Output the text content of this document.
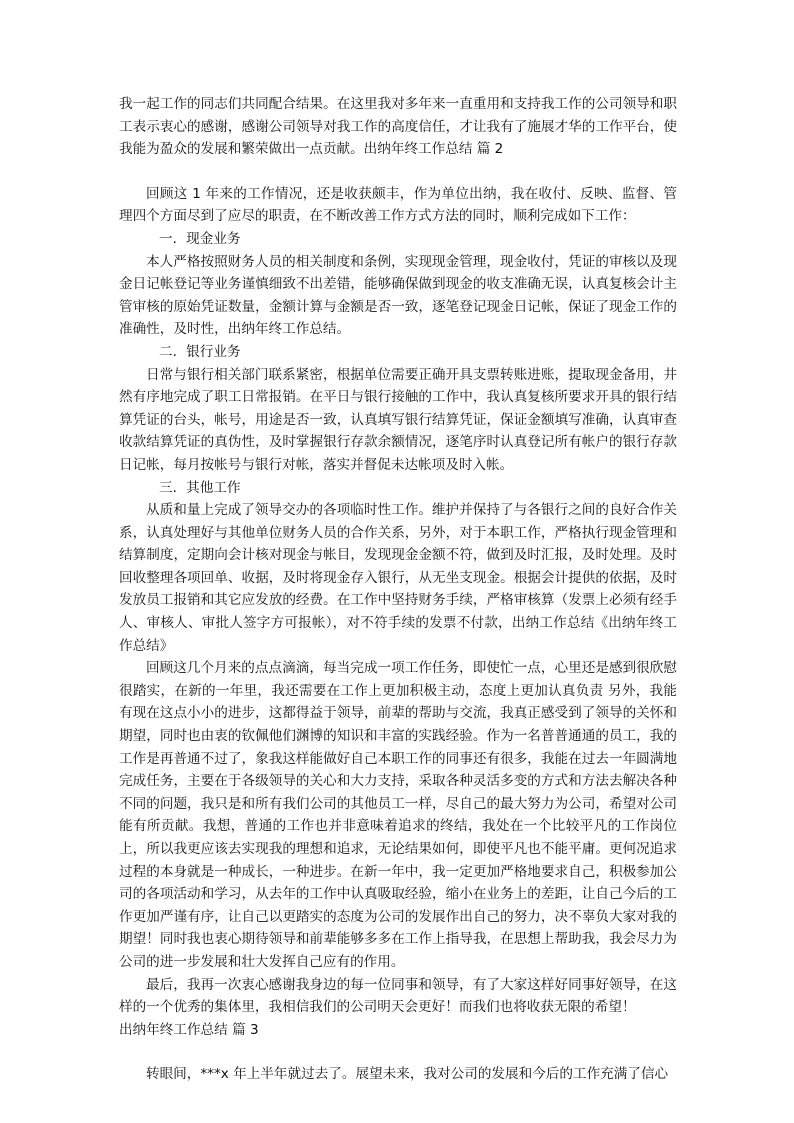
我一起工作的同志们共同配合结果。在这里我对多年来一直重用和支持我工作的公司领导和职工表示衷心的感谢，感谢公司领导对我工作的高度信任，才让我有了施展才华的工作平台，使我能为盈众的发展和繁荣做出一点贡献。出纳年终工作总结 篇 2

回顾这 1 年来的工作情况，还是收获颇丰，作为单位出纳，我在收付、反映、监督、管理四个方面尽到了应尽的职责，在不断改善工作方式方法的同时，顺利完成如下工作：

一．现金业务

本人严格按照财务人员的相关制度和条例，实现现金管理，现金收付，凭证的审核以及现金日记帐登记等业务谨慎细致不出差错，能够确保做到现金的收支准确无误，认真复核会计主管审核的原始凭证数量，金额计算与金额是否一致，逐笔登记现金日记帐，保证了现金工作的准确性，及时性，出纳年终工作总结。

二．银行业务

日常与银行相关部门联系紧密，根据单位需要正确开具支票转账进账，提取现金备用，井然有序地完成了职工日常报销。在平日与银行接触的工作中，我认真复核所要求开具的银行结算凭证的台头，帐号，用途是否一致，认真填写银行结算凭证，保证金额填写准确，认真审查收款结算凭证的真伪性，及时掌握银行存款余额情况，逐笔序时认真登记所有帐户的银行存款日记帐，每月按帐号与银行对帐，落实并督促未达帐项及时入帐。

三．其他工作

从质和量上完成了领导交办的各项临时性工作。维护并保持了与各银行之间的良好合作关系，认真处理好与其他单位财务人员的合作关系，另外，对于本职工作，严格执行现金管理和结算制度，定期向会计核对现金与帐目，发现现金金额不符，做到及时汇报，及时处理。及时回收整理各项回单、收据，及时将现金存入银行，从无坐支现金。根据会计提供的依据，及时发放员工报销和其它应发放的经费。在工作中坚持财务手续，严格审核算（发票上必须有经手人、审核人、审批人签字方可报帐），对不符手续的发票不付款，出纳工作总结《出纳年终工作总结》

回顾这几个月来的点点滴滴，每当完成一项工作任务，即使忙一点，心里还是感到很欣慰很踏实，在新的一年里，我还需要在工作上更加积极主动，态度上更加认真负责 另外，我能有现在这点小小的进步，这都得益于领导，前辈的帮助与交流，我真正感受到了领导的关怀和期望，同时也由衷的钦佩他们渊博的知识和丰富的实践经验。作为一名普普通通的员工，我的工作是再普通不过了，象我这样能做好自己本职工作的同事还有很多，我能在过去一年圆满地完成任务，主要在于各级领导的关心和大力支持，采取各种灵活多变的方式和方法去解决各种不同的问题，我只是和所有我们公司的其他员工一样，尽自己的最大努力为公司，希望对公司能有所贡献。我想，普通的工作也并非意味着追求的终结，我处在一个比较平凡的工作岗位上，所以我更应该去实现我的理想和追求，无论结果如何，即使平凡也不能平庸。更何况追求过程的本身就是一种成长，一种进步。在新一年中，我一定更加严格地要求自己，积极参加公司的各项活动和学习，从去年的工作中认真吸取经验，缩小在业务上的差距，让自己今后的工作更加严谨有序，让自己以更踏实的态度为公司的发展作出自己的努力，决不辜负大家对我的期望！同时我也衷心期待领导和前辈能够多多在工作上指导我，在思想上帮助我，我会尽力为公司的进一步发展和壮大发挥自己应有的作用。

最后，我再一次衷心感谢我身边的每一位同事和领导，有了大家这样好同事好领导，在这样的一个优秀的集体里，我相信我们的公司明天会更好！而我们也将收获无限的希望！

出纳年终工作总结 篇 3

转眼间，***x 年上半年就过去了。展望未来，我对公司的发展和今后的工作充满了信心
